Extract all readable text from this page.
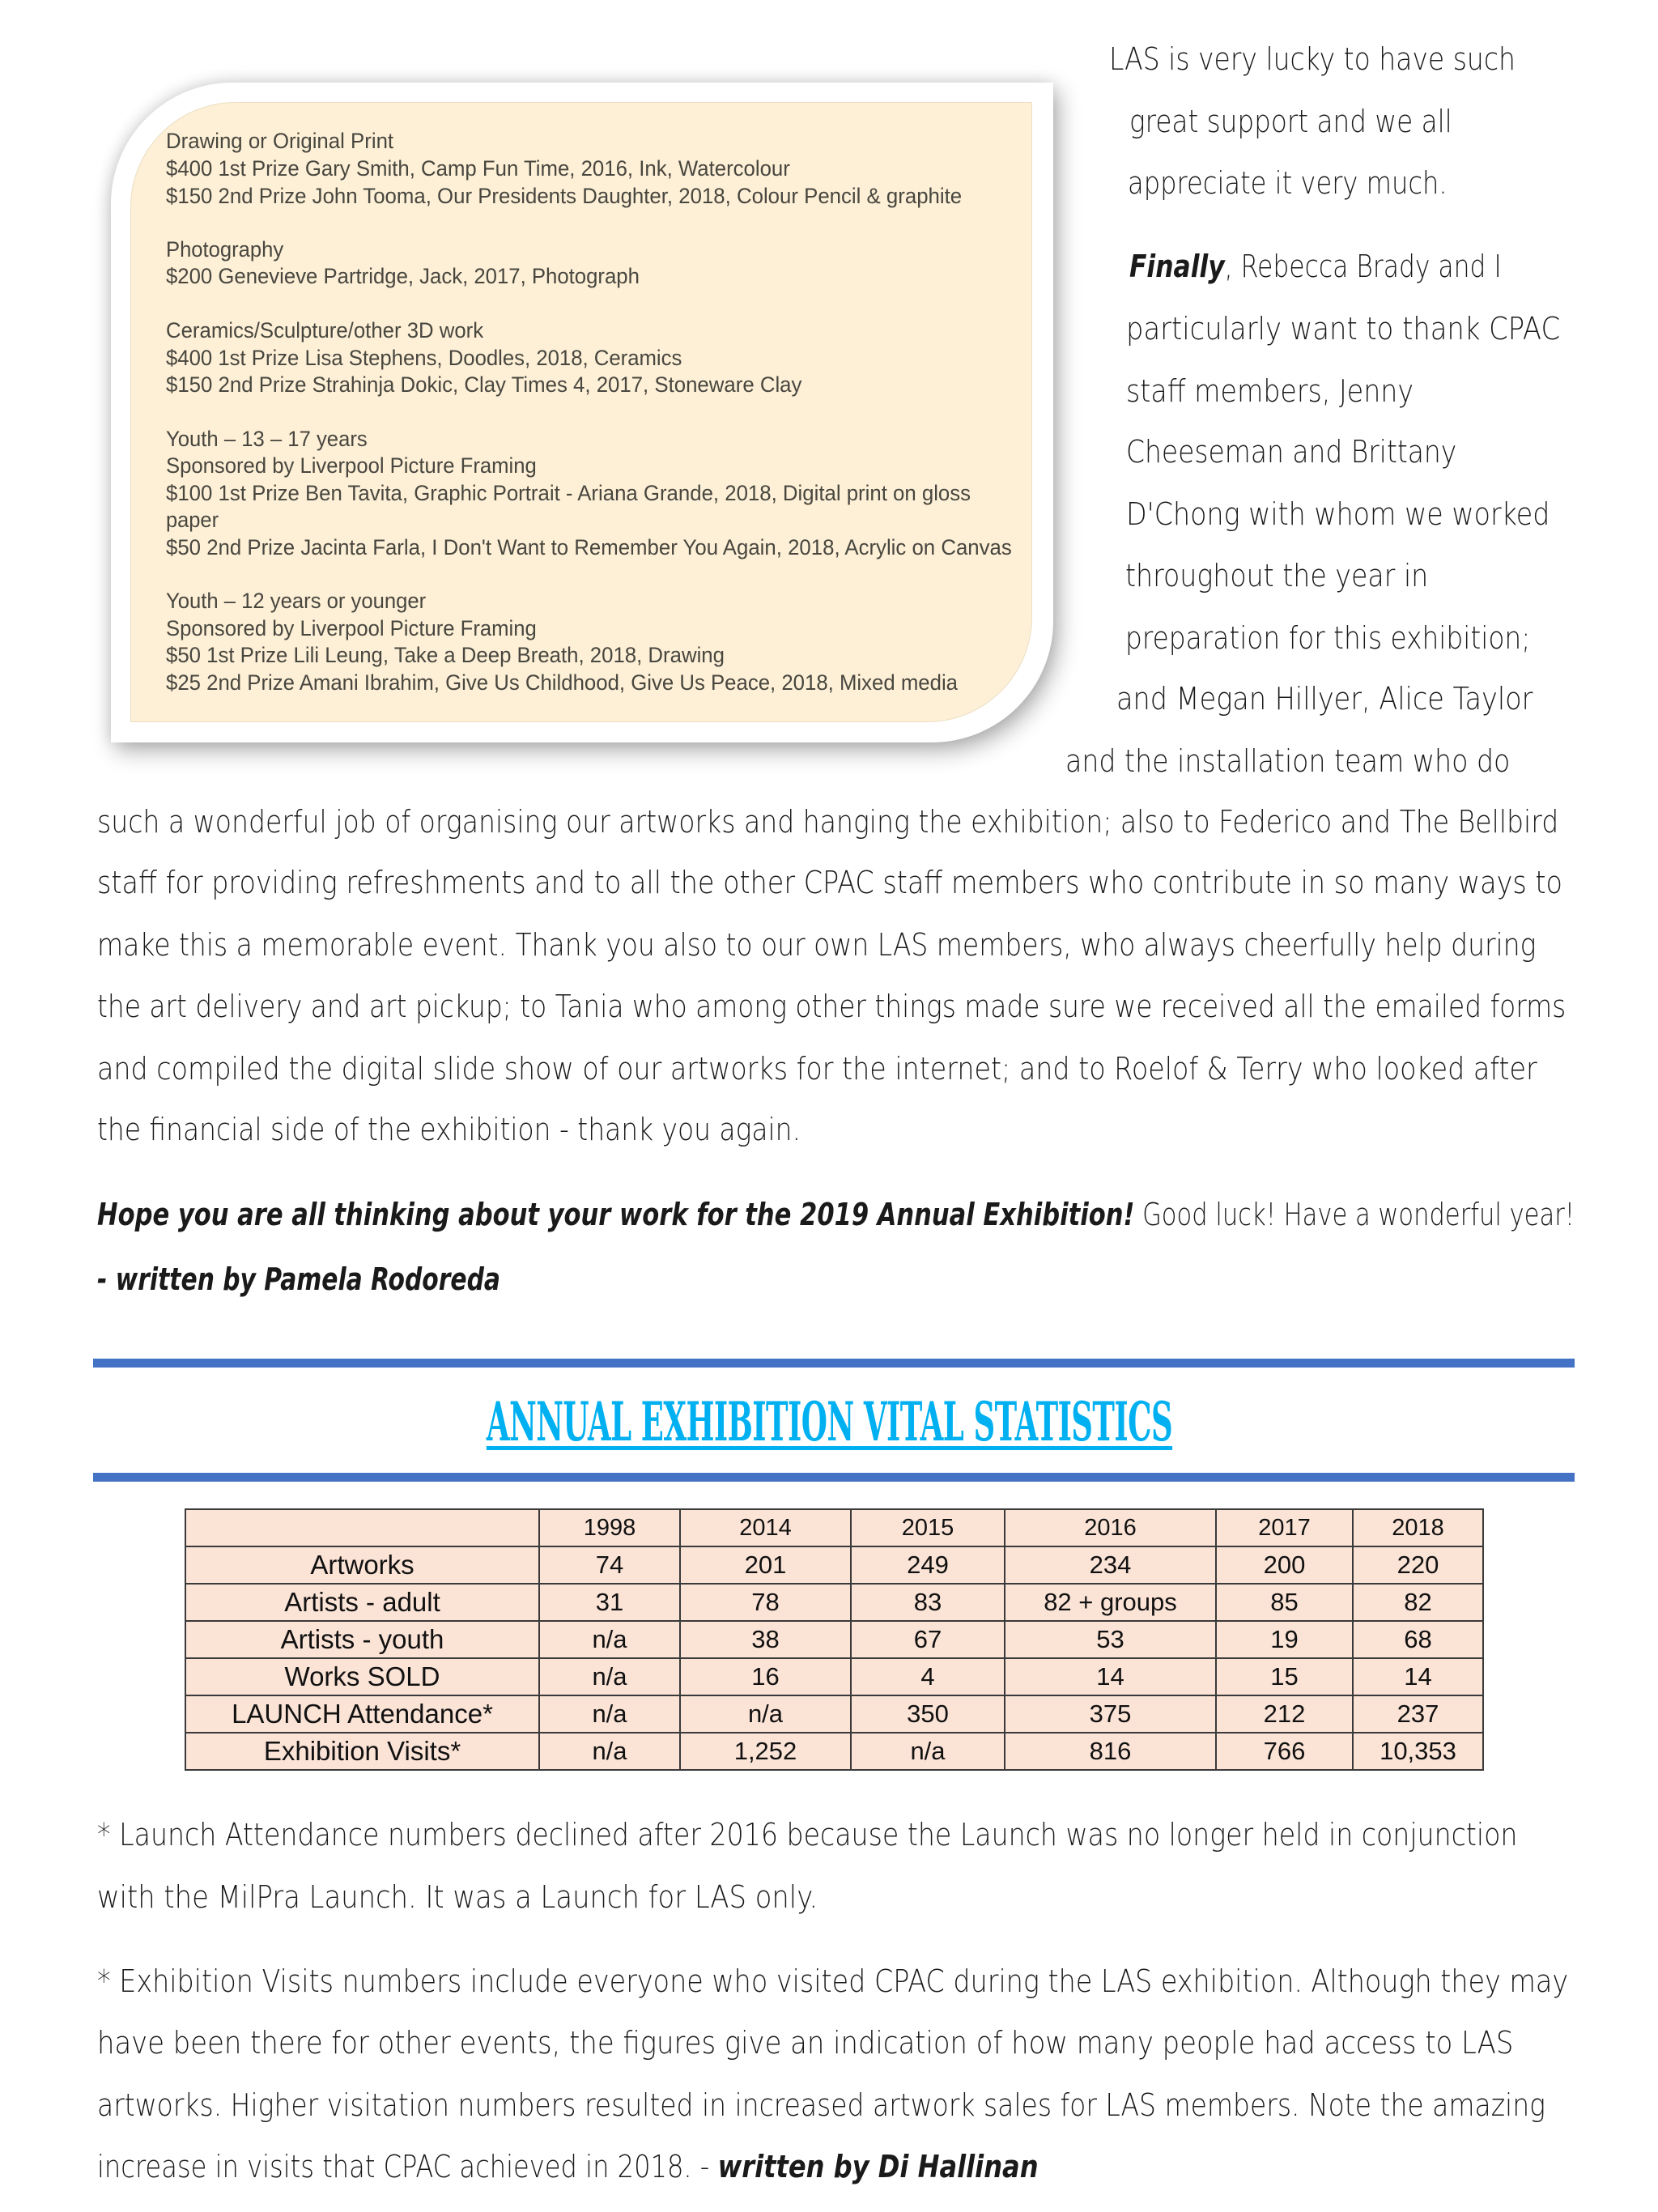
Drawing or Original Print
$400 1st Prize Gary Smith, Camp Fun Time, 2016, Ink, Watercolour
$150 2nd Prize John Tooma, Our Presidents Daughter, 2018, Colour Pencil & graphite
Photography
$200 Genevieve Partridge, Jack, 2017, Photograph
Ceramics/Sculpture/other 3D work
$400 1st Prize Lisa Stephens, Doodles, 2018, Ceramics
$150 2nd Prize Strahinja Dokic, Clay Times 4, 2017, Stoneware Clay
Youth – 13 – 17 years
Sponsored by Liverpool Picture Framing
$100 1st Prize Ben Tavita, Graphic Portrait - Ariana Grande, 2018, Digital print on gloss
paper
$50 2nd Prize Jacinta Farla, I Don't Want to Remember You Again, 2018, Acrylic on Canvas
Youth – 12 years or younger
Sponsored by Liverpool Picture Framing
$50 1st Prize Lili Leung, Take a Deep Breath, 2018, Drawing
$25 2nd Prize Amani Ibrahim, Give Us Childhood, Give Us Peace, 2018, Mixed media
LAS is very lucky to have such
great support and we all
appreciate it very much.
Finally, Rebecca Brady and I
particularly want to thank CPAC
staff members, Jenny
Cheeseman and Brittany
D'Chong with whom we worked
throughout the year in
preparation for this exhibition;
and Megan Hillyer, Alice Taylor
and the installation team who do
such a wonderful job of organising our artworks and hanging the exhibition; also to Federico and The Bellbird
staff for providing refreshments and to all the other CPAC staff members who contribute in so many ways to
make this a memorable event. Thank you also to our own LAS members, who always cheerfully help during
the art delivery and art pickup; to Tania who among other things made sure we received all the emailed forms
and compiled the digital slide show of our artworks for the internet; and to Roelof & Terry who looked after
the financial side of the exhibition - thank you again.
Hope you are all thinking about your work for the 2019 Annual Exhibition! Good luck! Have a wonderful year!
- written by Pamela Rodoreda
ANNUAL EXHIBITION VITAL STATISTICS
	1998	2014	2015	2016	2017	2018
Artworks	74	201	249	234	200	220
Artists - adult	31	78	83	82 + groups	85	82
Artists - youth	n/a	38	67	53	19	68
Works SOLD	n/a	16	4	14	15	14
LAUNCH Attendance*	n/a	n/a	350	375	212	237
Exhibition Visits*	n/a	1,252	n/a	816	766	10,353
* Launch Attendance numbers declined after 2016 because the Launch was no longer held in conjunction
with the MilPra Launch. It was a Launch for LAS only.
* Exhibition Visits numbers include everyone who visited CPAC during the LAS exhibition. Although they may
have been there for other events, the figures give an indication of how many people had access to LAS
artworks. Higher visitation numbers resulted in increased artwork sales for LAS members. Note the amazing
increase in visits that CPAC achieved in 2018. - written by Di Hallinan
